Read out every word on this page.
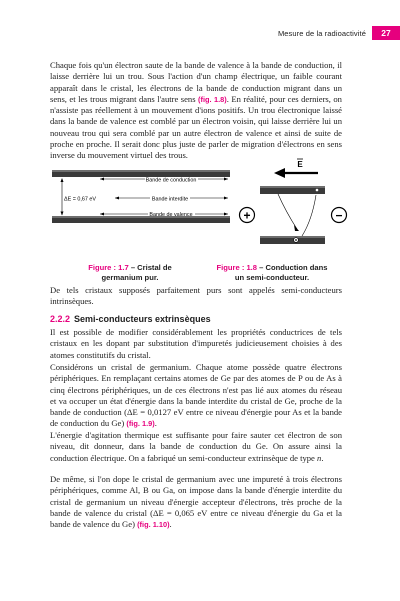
Mesure de la radioactivité	27

Chaque fois qu'un électron saute de la bande de valence à la bande de conduction, il laisse derrière lui un trou. Sous l'action d'un champ électrique, un faible courant apparaît dans le cristal, les électrons de la bande de conduction migrant dans un sens, et les trous migrant dans l'autre sens (fig. 1.8). En réalité, pour ces derniers, on n'assiste pas réellement à un mouvement d'ions positifs. Un trou électronique laissé dans la bande de valence est comblé par un électron voisin, qui laisse derrière lui un nouveau trou qui sera comblé par un autre électron de valence et ainsi de suite de proche en proche. Il serait donc plus juste de parler de migration d'électrons en sens inverse du mouvement virtuel des trous.

Bande de conduction
Bande interdite
Bande de valence
ΔE = 0,67 eV
E
+	−
Figure : 1.7 – Cristal de germanium pur.
Figure : 1.8 – Conduction dans un semi-conducteur.

De tels cristaux supposés parfaitement purs sont appelés semi-conducteurs intrinsèques.

2.2.2 Semi-conducteurs extrinsèques

Il est possible de modifier considérablement les propriétés conductrices de tels cristaux en les dopant par substitution d'impuretés judicieusement choisies à des atomes constitutifs du cristal.

Considérons un cristal de germanium. Chaque atome possède quatre électrons périphériques. En remplaçant certains atomes de Ge par des atomes de P ou de As à cinq électrons périphériques, un de ces électrons n'est pas lié aux atomes du réseau et va occuper un état d'énergie dans la bande interdite du cristal de Ge, proche de la bande de conduction (ΔE = 0,0127 eV entre ce niveau d'énergie pour As et la bande de conduction du Ge) (fig. 1.9).

L'énergie d'agitation thermique est suffisante pour faire sauter cet électron de son niveau, dit donneur, dans la bande de conduction du Ge. On assure ainsi la conduction électrique. On a fabriqué un semi-conducteur extrinsèque de type n.

De même, si l'on dope le cristal de germanium avec une impureté à trois électrons périphériques, comme Al, B ou Ga, on impose dans la bande d'énergie interdite du cristal de germanium un niveau d'énergie accepteur d'électrons, très proche de la bande de valence du cristal (ΔE = 0,065 eV entre ce niveau d'énergie du Ga et la bande de valence du Ge) (fig. 1.10).
